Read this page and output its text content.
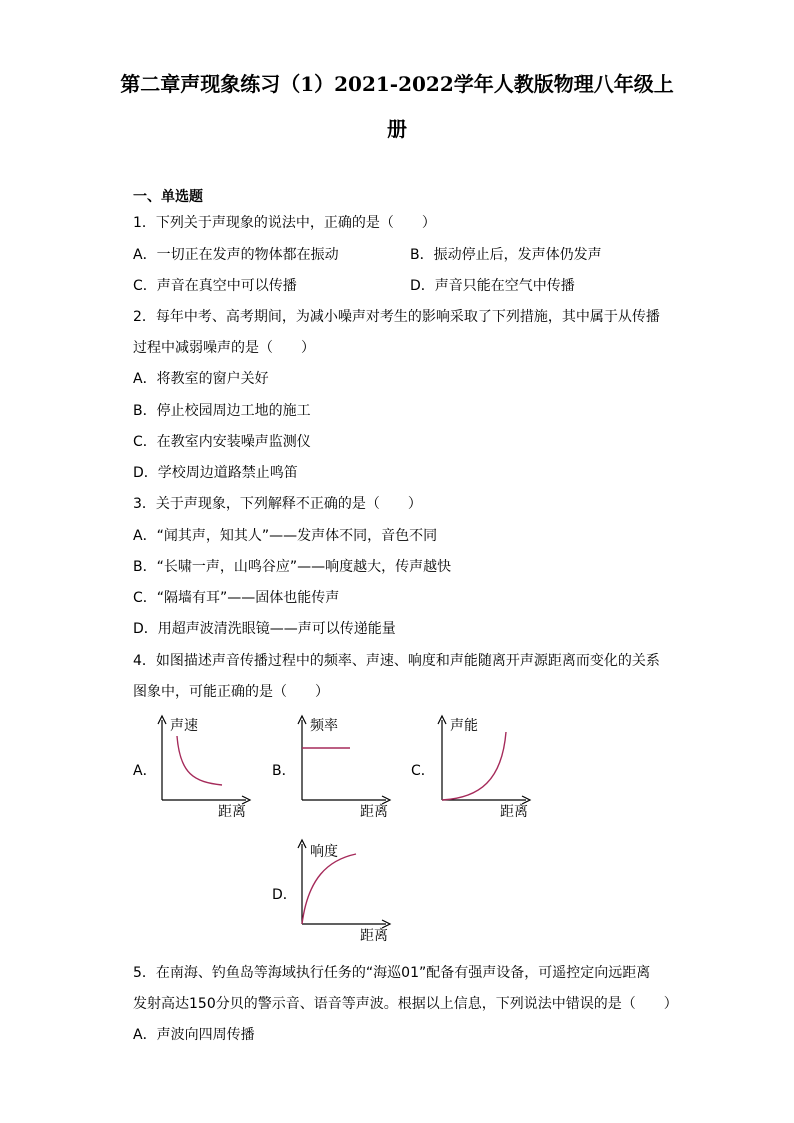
第二章声现象练习（1）2021-2022学年人教版物理八年级上
册
一、单选题
1．下列关于声现象的说法中，正确的是（　　）
A．一切正在发声的物体都在振动	B．振动停止后，发声体仍发声
C．声音在真空中可以传播	D．声音只能在空气中传播
2．每年中考、高考期间，为减小噪声对考生的影响采取了下列措施，其中属于从传播
过程中减弱噪声的是（　　）
A．将教室的窗户关好
B．停止校园周边工地的施工
C．在教室内安装噪声监测仪
D．学校周边道路禁止鸣笛
3．关于声现象，下列解释不正确的是（　　）
A．“闻其声，知其人”——发声体不同，音色不同
B．“长啸一声，山鸣谷应”——响度越大，传声越快
C．“隔墙有耳”——固体也能传声
D．用超声波清洗眼镜——声可以传递能量
4．如图描述声音传播过程中的频率、声速、响度和声能随离开声源距离而变化的关系
图象中，可能正确的是（　　）
A．
声速
距离
B．
频率
距离
C．
声能
距离
D．
响度
距离
5．在南海、钓鱼岛等海域执行任务的“海巡01”配备有强声设备，可遥控定向远距离
发射高达150分贝的警示音、语音等声波。根据以上信息，下列说法中错误的是（　　）
A．声波向四周传播
